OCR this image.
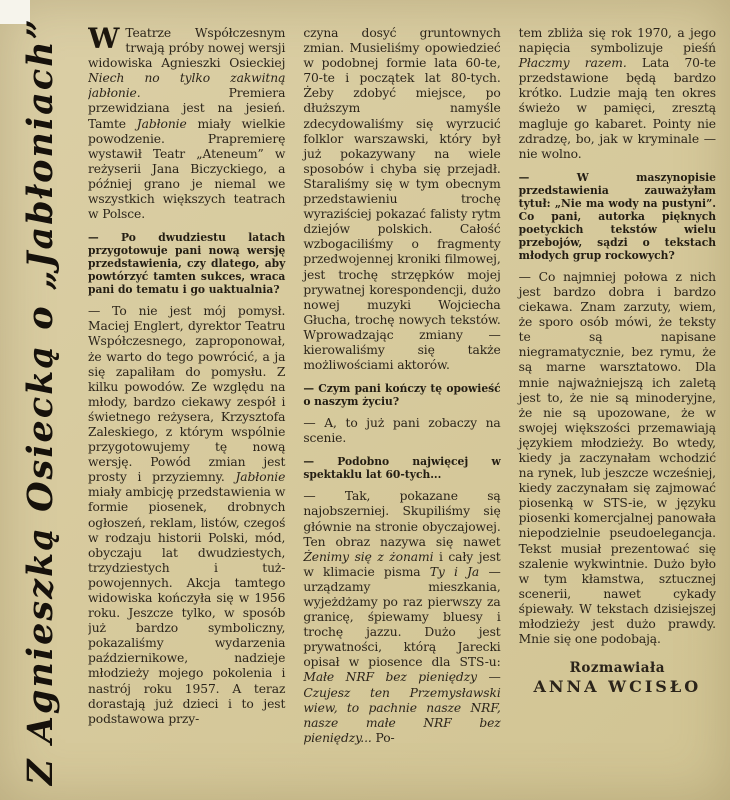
Z Agnieszką Osiecką o „Jabłoniach” W Teatrze Współczesnym trwają próby nowej wersji widowiska Agnieszki Osieckiej Niech no tylko zakwitną jabłonie. Premiera przewidziana jest na jesień. Tamte Jabłonie miały wielkie powodzenie. Prapremierę wystawił Teatr „Ateneum” w reżyserii Jana Biczyckiego, a później grano je niemal we wszystkich większych teatrach w Polsce.

— Po dwudziestu latach przygotowuje pani nową wersję przedstawienia, czy dlatego, aby powtórzyć tamten sukces, wraca pani do tematu i go uaktualnia?

— To nie jest mój pomysł. Maciej Englert, dyrektor Teatru Współczesnego, zaproponował, że warto do tego powrócić, a ja się zapaliłam do pomysłu. Z kilku powodów. Ze względu na młody, bardzo ciekawy zespół i świetnego reżysera, Krzysztofa Zaleskiego, z którym wspólnie przygotowujemy tę nową wersję. Powód zmian jest prosty i przyziemny. Jabłonie miały ambicję przedstawienia w formie piosenek, drobnych ogłoszeń, reklam, listów, czegoś w rodzaju historii Polski, mód, obyczaju lat dwudziestych, trzydziestych i tuż-powojennych. Akcja tamtego widowiska kończyła się w 1956 roku. Jeszcze tylko, w sposób już bardzo symboliczny, pokazaliśmy wydarzenia październikowe, nadzieje młodzieży mojego pokolenia i nastrój roku 1957. A teraz dorastają już dzieci i to jest podstawowa przy-

czyna dosyć gruntownych zmian. Musieliśmy opowiedzieć w podobnej formie lata 60-te, 70-te i początek lat 80-tych. Żeby zdobyć miejsce, po dłuższym namyśle zdecydowaliśmy się wyrzucić folklor warszawski, który był już pokazywany na wiele sposobów i chyba się przejadł. Staraliśmy się w tym obecnym przedstawieniu trochę wyraziściej pokazać falisty rytm dziejów polskich. Całość wzbogaciliśmy o fragmenty przedwojennej kroniki filmowej, jest trochę strzępków mojej prywatnej korespondencji, dużo nowej muzyki Wojciecha Głucha, trochę nowych tekstów. Wprowadzając zmiany — kierowaliśmy się także możliwościami aktorów.

— Czym pani kończy tę opowieść o naszym życiu?

— A, to już pani zobaczy na scenie.

— Podobno najwięcej w spektaklu lat 60-tych...

— Tak, pokazane są najobszerniej. Skupiliśmy się głównie na stronie obyczajowej. Ten obraz nazywa się nawet Żenimy się z żonami i cały jest w klimacie pisma Ty i Ja — urządzamy mieszkania, wyjeżdżamy po raz pierwszy za granicę, śpiewamy bluesy i trochę jazzu. Dużo jest prywatności, którą Jarecki opisał w piosence dla STS-u: Małe NRF bez pieniędzy — Czujesz ten Przemysławski wiew, to pachnie nasze NRF, nasze małe NRF bez pieniędzy... Po-

tem zbliża się rok 1970, a jego napięcia symbolizuje pieśń Płaczmy razem. Lata 70-te przedstawione będą bardzo krótko. Ludzie mają ten okres świeżo w pamięci, zresztą magluje go kabaret. Pointy nie zdradzę, bo, jak w kryminale — nie wolno.

— W maszynopisie przedstawienia zauważyłam tytuł: „Nie ma wody na pustyni”. Co pani, autorka pięknych poetyckich tekstów wielu przebojów, sądzi o tekstach młodych grup rockowych?

— Co najmniej połowa z nich jest bardzo dobra i bardzo ciekawa. Znam zarzuty, wiem, że sporo osób mówi, że teksty te są napisane niegramatycznie, bez rymu, że są marne warsztatowo. Dla mnie najważniejszą ich zaletą jest to, że nie są minoderyjne, że nie są upozowane, że w swojej większości przemawiają językiem młodzieży. Bo wtedy, kiedy ja zaczynałam wchodzić na rynek, lub jeszcze wcześniej, kiedy zaczynałam się zajmować piosenką w STS-ie, w języku piosenki komercjalnej panowała niepodzielnie pseudoelegancja. Tekst musiał prezentować się szalenie wykwintnie. Dużo było w tym kłamstwa, sztucznej scenerii, nawet cykady śpiewały. W tekstach dzisiejszej młodzieży jest dużo prawdy. Mnie się one podobają.

Rozmawiała

ANNA WCISŁO
